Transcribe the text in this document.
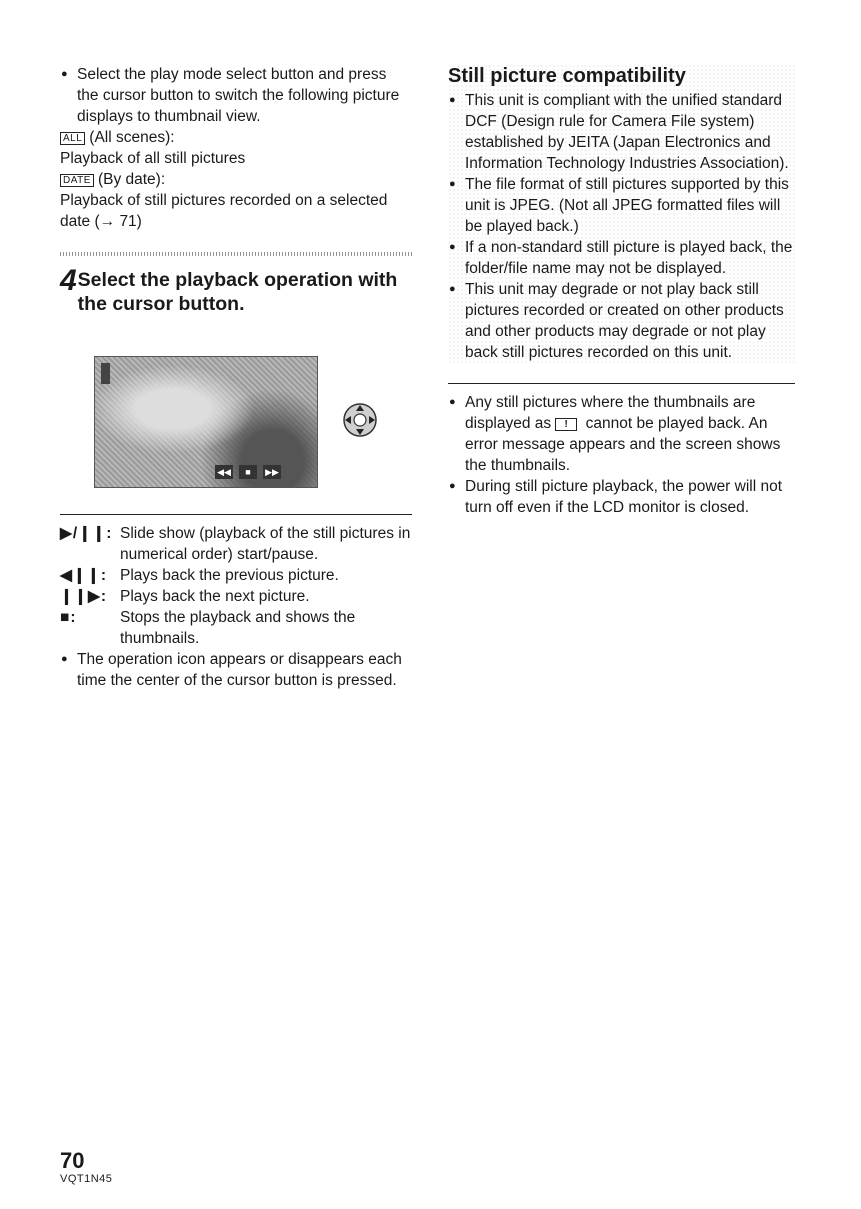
● Select the play mode select button and press the cursor button to switch the following picture displays to thumbnail view.

ALL (All scenes):

Playback of all still pictures

DATE (By date):

Playback of still pictures recorded on a selected date (→ 71)

4 Select the playback operation with the cursor button.

◀◀	■	▶▶
▶/❙❙: Slide show (playback of the still pictures in numerical order) start/pause.
◀❙❙: Plays back the previous picture.
❙❙▶: Plays back the next picture.
■:	Stops the playback and shows the thumbnails.

● The operation icon appears or disappears each time the center of the cursor button is pressed.

Still picture compatibility

● This unit is compliant with the unified standard DCF (Design rule for Camera File system) established by JEITA (Japan Electronics and Information Technology Industries Association).

● The file format of still pictures supported by this unit is JPEG. (Not all JPEG formatted files will be played back.)

● If a non-standard still picture is played back, the folder/file name may not be displayed.

● This unit may degrade or not play back still pictures recorded or created on other products and other products may degrade or not play back still pictures recorded on this unit.

● Any still pictures where the thumbnails are displayed as ! cannot be played back. An error message appears and the screen shows the thumbnails.

● During still picture playback, the power will not turn off even if the LCD monitor is closed.

70
VQT1N45
